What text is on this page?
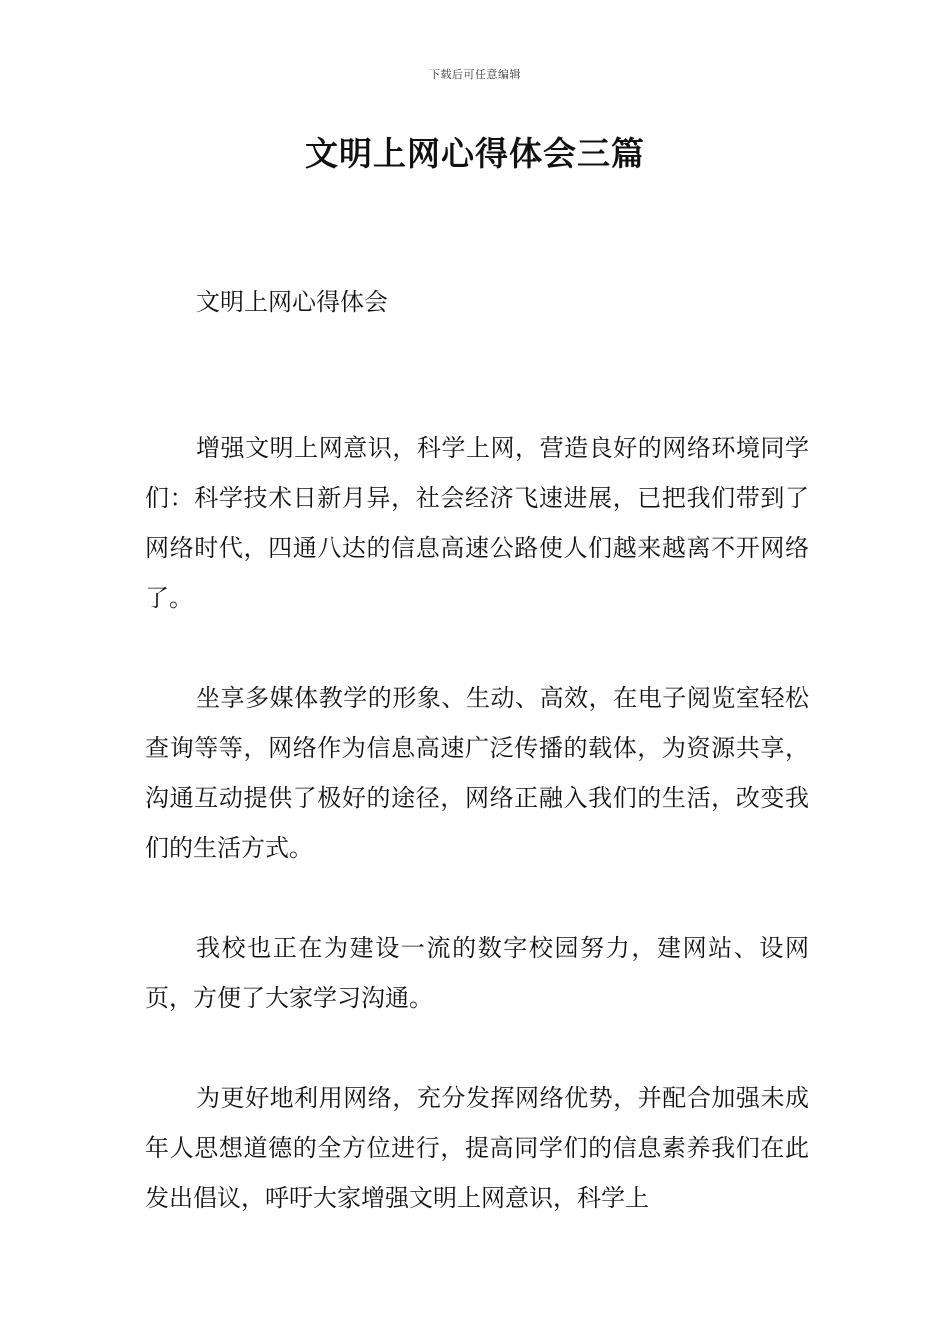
下载后可任意编辑
文明上网心得体会三篇
文明上网心得体会

增强文明上网意识，科学上网，营造良好的网络环境同学们：科学技术日新月异，社会经济飞速进展，已把我们带到了网络时代，四通八达的信息高速公路使人们越来越离不开网络了。

坐享多媒体教学的形象、生动、高效，在电子阅览室轻松查询等等，网络作为信息高速广泛传播的载体，为资源共享，沟通互动提供了极好的途径，网络正融入我们的生活，改变我们的生活方式。

我校也正在为建设一流的数字校园努力，建网站、设网页，方便了大家学习沟通。

为更好地利用网络，充分发挥网络优势，并配合加强未成年人思想道德的全方位进行，提高同学们的信息素养我们在此发出倡议，呼吁大家增强文明上网意识，科学上
